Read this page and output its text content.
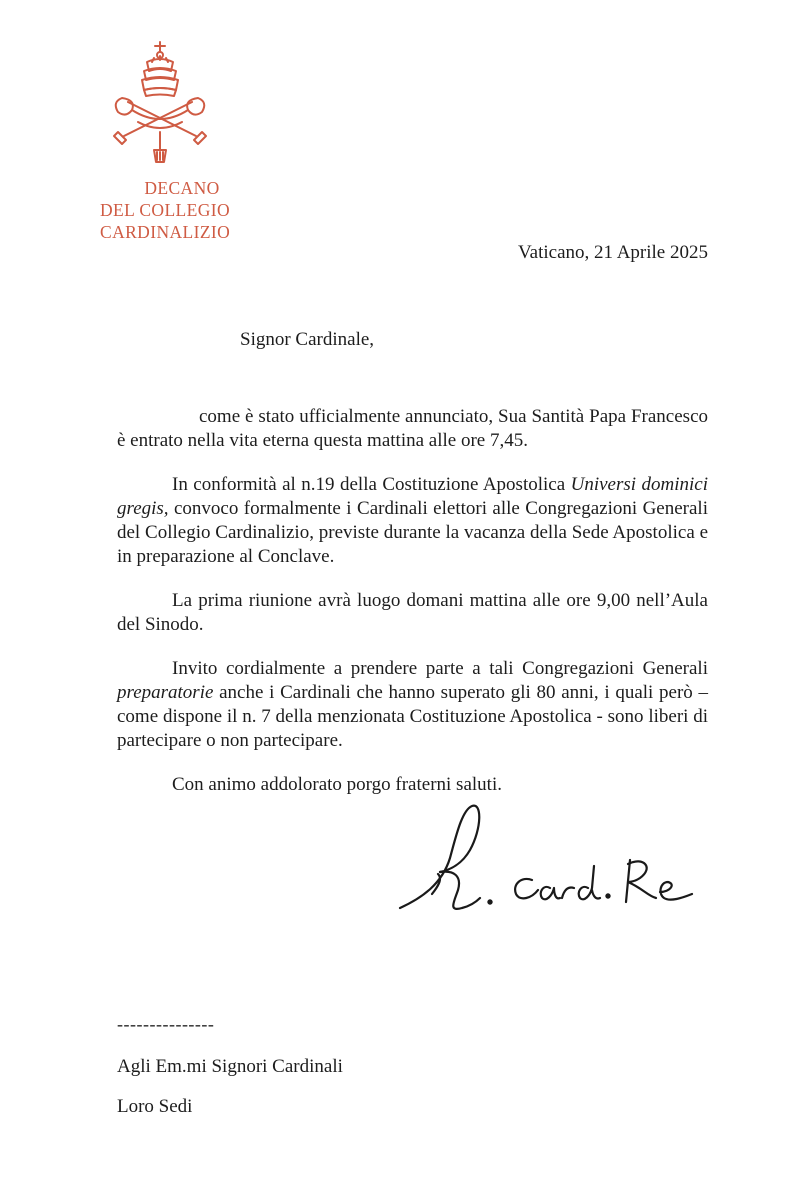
DECANO
DEL COLLEGIO CARDINALIZIO
Vaticano, 21 Aprile 2025
Signor Cardinale,

come è stato ufficialmente annunciato, Sua Santità Papa Francesco è entrato nella vita eterna questa mattina alle ore 7,45.

In conformità al n.19 della Costituzione Apostolica Universi dominici gregis, convoco formalmente i Cardinali elettori alle Congregazioni Generali del Collegio Cardinalizio, previste durante la vacanza della Sede Apostolica e in preparazione al Conclave.

La prima riunione avrà luogo domani mattina alle ore 9,00 nell’Aula del Sinodo.

Invito cordialmente a prendere parte a tali Congregazioni Generali preparatorie anche i Cardinali che hanno superato gli 80 anni, i quali però – come dispone il n. 7 della menzionata Costituzione Apostolica - sono liberi di partecipare o non partecipare.

Con animo addolorato porgo fraterni saluti.

---------------
Agli Em.mi Signori Cardinali
Loro Sedi
